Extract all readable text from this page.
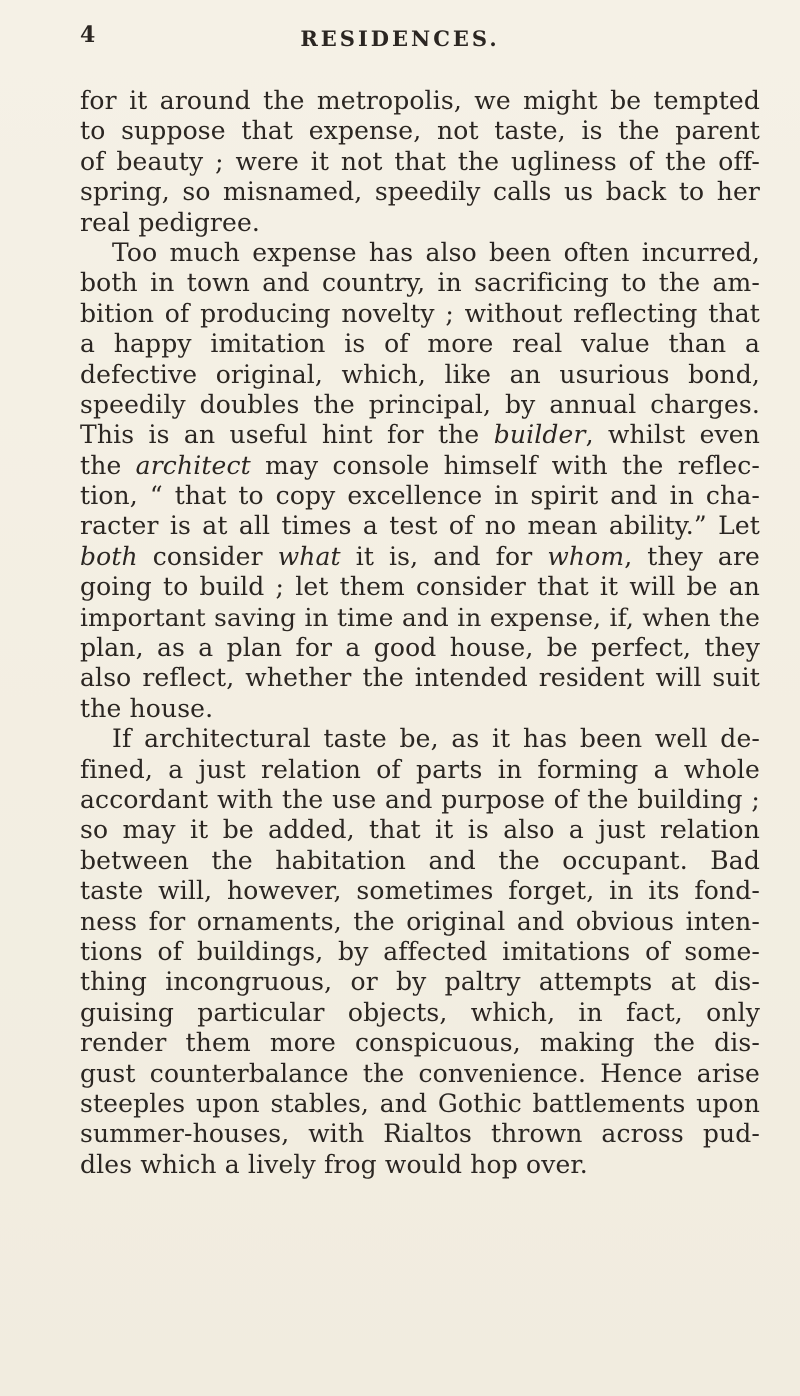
4	RESIDENCES.
for it around the metropolis, we might be tempted
to suppose that expense, not taste, is the parent
of beauty ; were it not that the ugliness of the off-
spring, so misnamed, speedily calls us back to her
real pedigree.
Too much expense has also been often incurred,
both in town and country, in sacrificing to the am-
bition of producing novelty ; without reflecting that
a happy imitation is of more real value than a
defective original, which, like an usurious bond,
speedily doubles the principal, by annual charges.
This is an useful hint for the builder, whilst even
the architect may console himself with the reflec-
tion, “ that to copy excellence in spirit and in cha-
racter is at all times a test of no mean ability.” Let
both consider what it is, and for whom, they are
going to build ; let them consider that it will be an
important saving in time and in expense, if, when the
plan, as a plan for a good house, be perfect, they
also reflect, whether the intended resident will suit
the house.
If architectural taste be, as it has been well de-
fined, a just relation of parts in forming a whole
accordant with the use and purpose of the building ;
so may it be added, that it is also a just relation
between the habitation and the occupant. Bad
taste will, however, sometimes forget, in its fond-
ness for ornaments, the original and obvious inten-
tions of buildings, by affected imitations of some-
thing incongruous, or by paltry attempts at dis-
guising particular objects, which, in fact, only
render them more conspicuous, making the dis-
gust counterbalance the convenience. Hence arise
steeples upon stables, and Gothic battlements upon
summer-houses, with Rialtos thrown across pud-
dles which a lively frog would hop over.
